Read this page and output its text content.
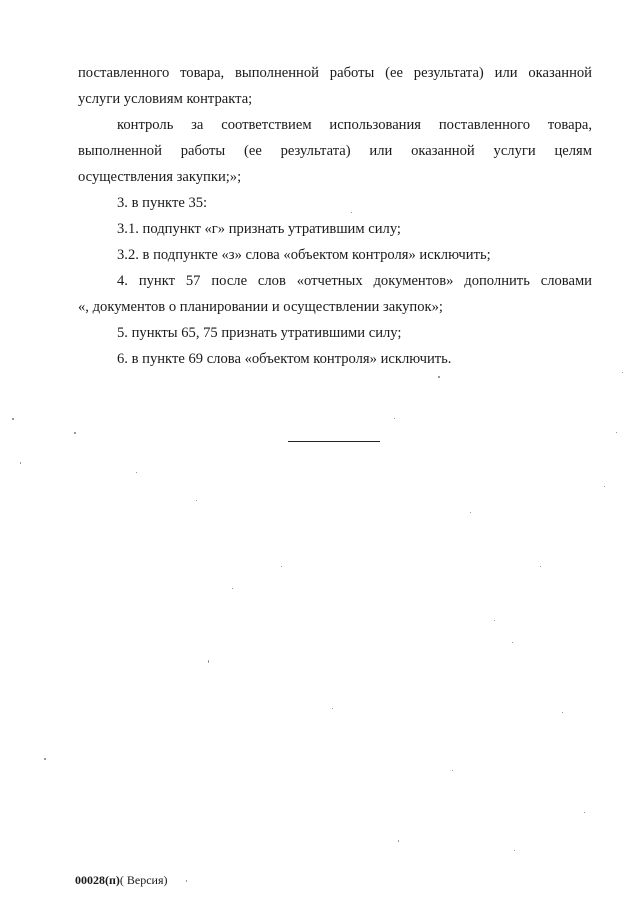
поставленного товара, выполненной работы (ее результата) или оказанной

услуги условиям контракта;

контроль за соответствием использования поставленного товара,

выполненной работы (ее результата) или оказанной услуги целям

осуществления закупки;»;

3. в пункте 35:

3.1. подпункт «г» признать утратившим силу;

3.2. в подпункте «з» слова «объектом контроля» исключить;

4. пункт 57 после слов «отчетных документов» дополнить словами

«, документов о планировании и осуществлении закупок»;

5. пункты 65, 75 признать утратившими силу;

6. в пункте 69 слова «объектом контроля» исключить.

00028(п)( Версия)
